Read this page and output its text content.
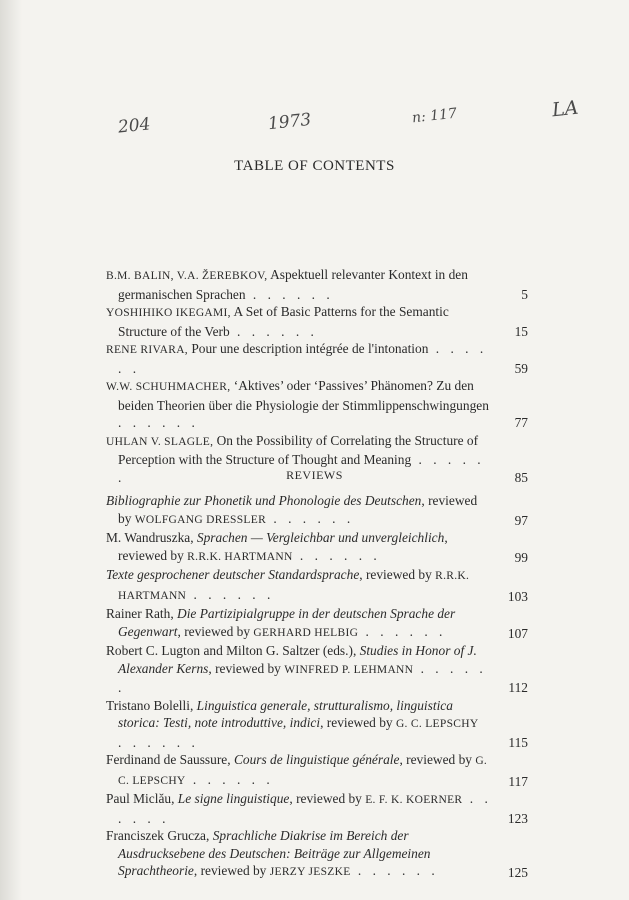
204	1973	n: 117	LA
TABLE OF CONTENTS
B.M. BALIN, V.A. ŽEREBKOV, Aspektuell relevanter Kontext in den germanischen Sprachen . . . . . .	5
YOSHIHIKO IKEGAMI, A Set of Basic Patterns for the Semantic Structure of the Verb . . . . . .	15
RENE RIVARA, Pour une description intégrée de l'intonation . . . . . .	59
W.W. SCHUHMACHER, ‘Aktives’ oder ‘Passives’ Phänomen? Zu den beiden Theorien über die Physiologie der Stimmlippenschwingungen . . . . . .	77
UHLAN V. SLAGLE, On the Possibility of Correlating the Structure of Perception with the Structure of Thought and Meaning . . . . . .	85
REVIEWS
Bibliographie zur Phonetik und Phonologie des Deutschen, reviewed by WOLFGANG DRESSLER . . . . . .	97
M. Wandruszka, Sprachen — Vergleichbar und unvergleichlich, reviewed by R.R.K. HARTMANN . . . . . .	99
Texte gesprochener deutscher Standardsprache, reviewed by R.R.K. HARTMANN . . . . . .	103
Rainer Rath, Die Partizipialgruppe in der deutschen Sprache der Gegenwart, reviewed by GERHARD HELBIG . . . . . .	107
Robert C. Lugton and Milton G. Saltzer (eds.), Studies in Honor of J. Alexander Kerns, reviewed by WINFRED P. LEHMANN . . . . . .	112
Tristano Bolelli, Linguistica generale, strutturalismo, linguistica storica: Testi, note introduttive, indici, reviewed by G. C. LEPSCHY . . . . . .	115
Ferdinand de Saussure, Cours de linguistique générale, reviewed by G. C. LEPSCHY . . . . . .	117
Paul Miclău, Le signe linguistique, reviewed by E. F. K. KOERNER . . . . . .	123
Franciszek Grucza, Sprachliche Diakrise im Bereich der Ausdrucksebene des Deutschen: Beiträge zur Allgemeinen Sprachtheorie, reviewed by JERZY JESZKE . . . . . .	125
